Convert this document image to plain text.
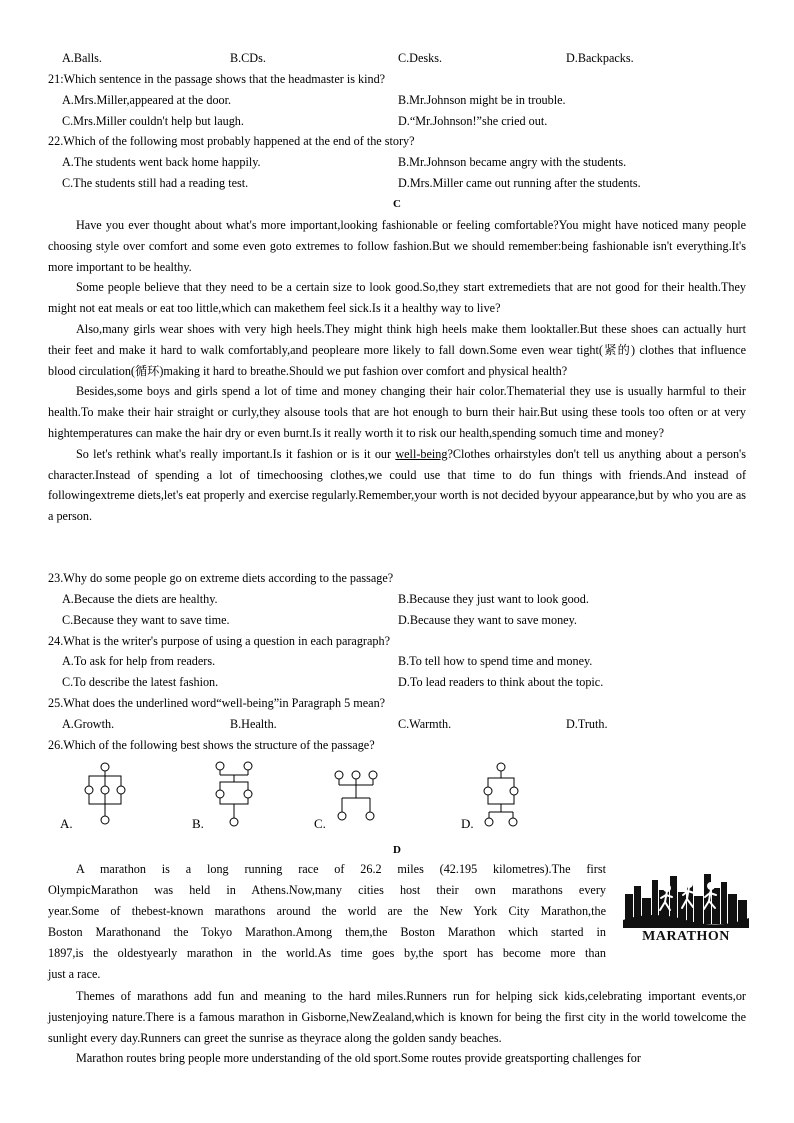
A.Balls.	B.CDs.	C.Desks.	D.Backpacks.
21:Which sentence in the passage shows that the headmaster is kind?
A.Mrs.Miller,appeared at the door.	B.Mr.Johnson might be in trouble.
C.Mrs.Miller couldn't help but laugh.	D.“Mr.Johnson!”she cried out.
22.Which of the following most probably happened at the end of the story?
A.The students went back home happily.	B.Mr.Johnson became angry with the students.
C.The students still had a reading test.	D.Mrs.Miller came out running after the students.
C

Have you ever thought about what's more important,looking fashionable or feeling comfortable?You might have noticed many people choosing style over comfort and some even goto extremes to follow fashion.But we should remember:being fashionable isn't everything.It's more important to be healthy.

Some people believe that they need to be a certain size to look good.So,they start extremediets that are not good for their health.They might not eat meals or eat too little,which can makethem feel sick.Is it a healthy way to live?

Also,many girls wear shoes with very high heels.They might think high heels make them looktaller.But these shoes can actually hurt their feet and make it hard to walk comfortably,and peopleare more likely to fall down.Some even wear tight(紧的) clothes that influence blood circulation(循环)making it hard to breathe.Should we put fashion over comfort and physical health?

Besides,some boys and girls spend a lot of time and money changing their hair color.Thematerial they use is usually harmful to their health.To make their hair straight or curly,they alsouse tools that are hot enough to burn their hair.But using these tools too often or at very hightemperatures can make the hair dry or even burnt.Is it really worth it to risk our health,spending somuch time and money?

So let's rethink what's really important.Is it fashion or is it our well-being?Clothes orhairstyles don't tell us anything about a person's character.Instead of spending a lot of timechoosing clothes,we could use that time to do fun things with friends.And instead of followingextreme diets,let's eat properly and exercise regularly.Remember,your worth is not decided byyour appearance,but by who you are as a person.

23.Why do some people go on extreme diets according to the passage?
A.Because the diets are healthy.	B.Because they just want to look good.
C.Because they want to save time.	D.Because they want to save money.
24.What is the writer's purpose of using a question in each paragraph?
A.To ask for help from readers.	B.To tell how to spend time and money.
C.To describe the latest fashion.	D.To lead readers to think about the topic.
25.What does the underlined word“well-being”in Paragraph 5 mean?
A.Growth.	B.Health.	C.Warmth.	D.Truth.
26.Which of the following best shows the structure of the passage?
A.	B.	C.	D.
D
A marathon is a long running race of 26.2 miles (42.195 kilometres).The first
OlympicMarathon was held in Athens.Now,many cities host their own marathons every
year.Some of thebest-known marathons around the world are the New York City Marathon,the
Boston Marathonand the Tokyo Marathon.Among them,the Boston Marathon which started in
1897,is the oldestyearly marathon in the world.As time goes by,the sport has become more than
just a race.
MARATHON

Themes of marathons add fun and meaning to the hard miles.Runners run for helping sick kids,celebrating important events,or justenjoying nature.There is a famous marathon in Gisborne,NewZealand,which is known for being the first city in the world towelcome the sunlight every day.Runners can greet the sunrise as theyrace along the golden sandy beaches.

Marathon routes bring people more understanding of the old sport.Some routes provide greatsporting challenges for
